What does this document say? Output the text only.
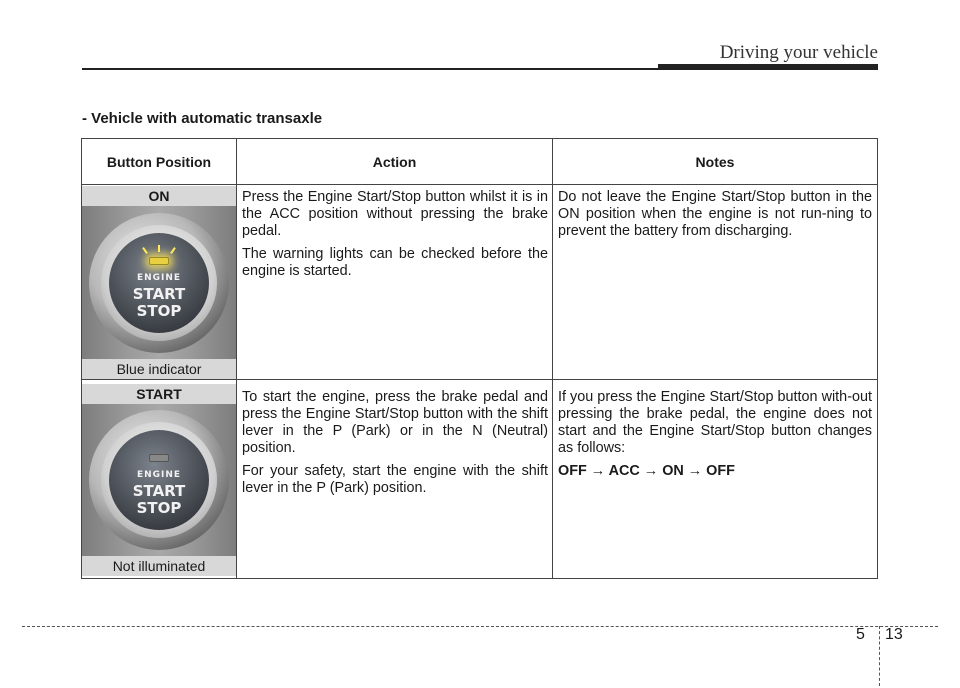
Driving your vehicle
- Vehicle with automatic transaxle
Button Position	Action	Notes
ON
ENGINE
START
STOP
Blue indicator

Press the Engine Start/Stop button whilst it is in the ACC position without pressing the brake pedal.

The warning lights can be checked before the engine is started.

Do not leave the Engine Start/Stop button in the ON position when the engine is not run-ning to prevent the battery from discharging.

START
ENGINE
START
STOP
Not illuminated

To start the engine, press the brake pedal and press the Engine Start/Stop button with the shift lever in the P (Park) or in the N (Neutral) position.

For your safety, start the engine with the shift lever in the P (Park) position.

If you press the Engine Start/Stop button with-out pressing the brake pedal, the engine does not start and the Engine Start/Stop button changes as follows:

OFF → ACC → ON → OFF

5 13
